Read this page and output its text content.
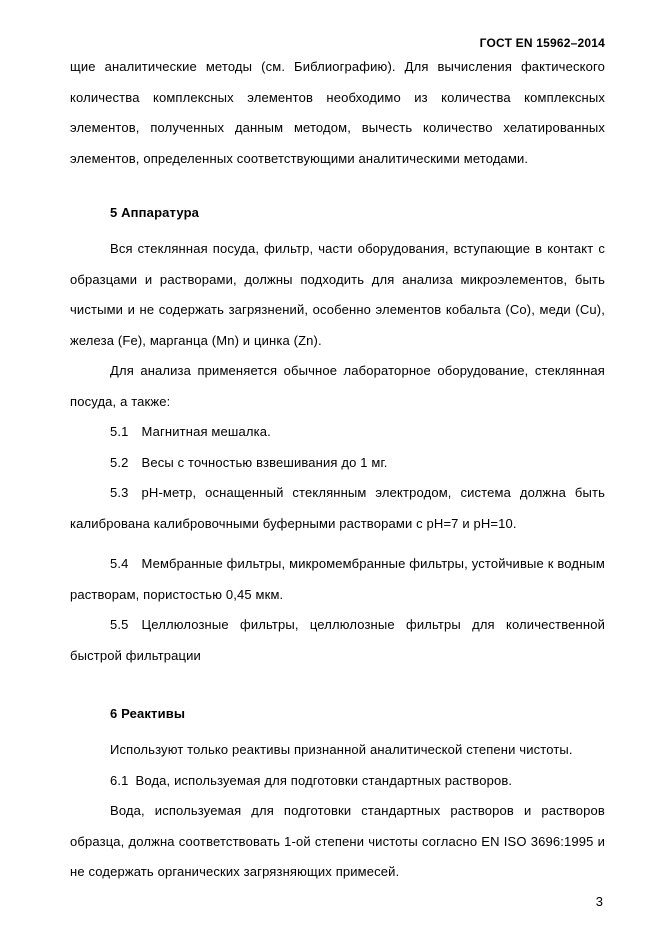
ГОСТ EN 15962–2014

щие аналитические методы (см. Библиографию). Для вычисления фактического количества комплексных элементов необходимо из количества комплексных элементов, полученных данным методом, вычесть количество хелатированных элементов, определенных соответствующими аналитическими методами.

5 Аппаратура

Вся стеклянная посуда, фильтр, части оборудования, вступающие в контакт с образцами и растворами, должны подходить для анализа микроэлементов, быть чистыми и не содержать загрязнений, особенно элементов кобальта (Со), меди (Cu), железа (Fe), марганца (Mn) и цинка (Zn).

Для анализа применяется обычное лабораторное оборудование, стеклянная посуда, а также:

5.1 Магнитная мешалка.

5.2 Весы с точностью взвешивания до 1 мг.

5.3 pH-метр, оснащенный стеклянным электродом, система должна быть калибрована калибровочными буферными растворами с pH=7 и pH=10.

5.4 Мембранные фильтры, микромембранные фильтры, устойчивые к водным растворам, пористостью 0,45 мкм.

5.5 Целлюлозные фильтры, целлюлозные фильтры для количественной быстрой фильтрации

6 Реактивы

Используют только реактивы признанной аналитической степени чистоты.

6.1 Вода, используемая для подготовки стандартных растворов.

Вода, используемая для подготовки стандартных растворов и растворов образца, должна соответствовать 1-ой степени чистоты согласно EN ISO 3696:1995 и не содержать органических загрязняющих примесей.

3
